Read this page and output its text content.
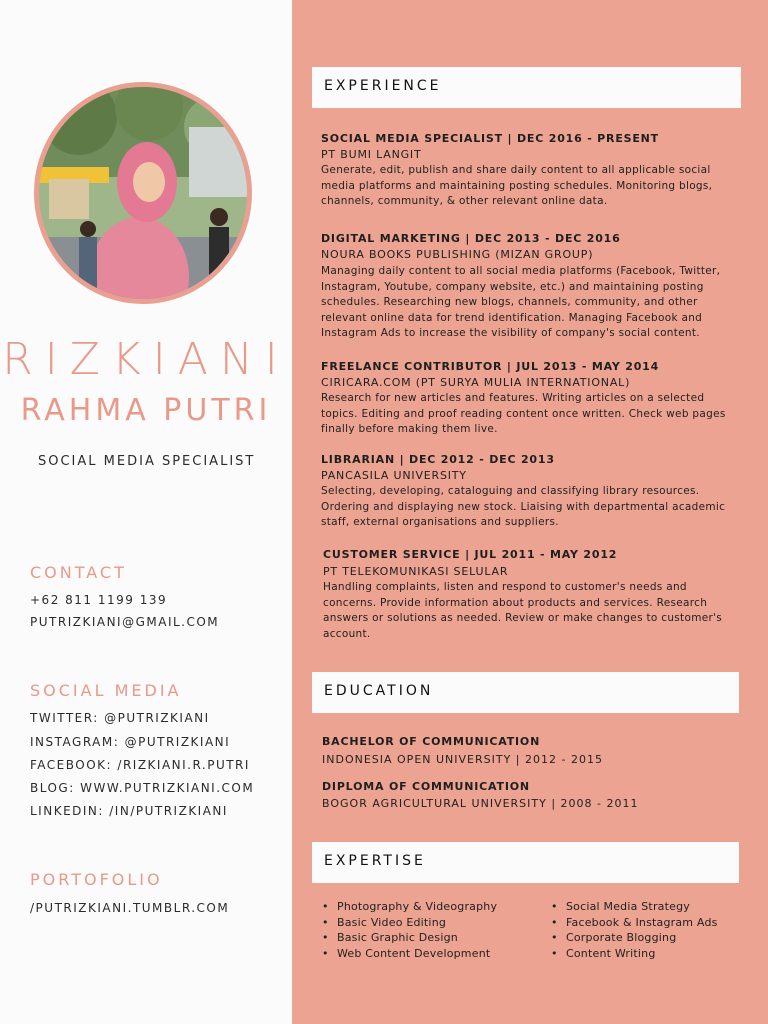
RIZKIANI
RAHMA PUTRI
SOCIAL MEDIA SPECIALIST
CONTACT
+62 811 1199 139
PUTRIZKIANI@GMAIL.COM
SOCIAL MEDIA
TWITTER: @PUTRIZKIANI
INSTAGRAM: @PUTRIZKIANI
FACEBOOK: /RIZKIANI.R.PUTRI
BLOG: WWW.PUTRIZKIANI.COM
LINKEDIN: /IN/PUTRIZKIANI
PORTOFOLIO
/PUTRIZKIANI.TUMBLR.COM
EXPERIENCE
SOCIAL MEDIA SPECIALIST | DEC 2016 - PRESENT
PT BUMI LANGIT
Generate, edit, publish and share daily content to all applicable social
media platforms and maintaining posting schedules. Monitoring blogs,
channels, community, & other relevant online data.
DIGITAL MARKETING | DEC 2013 - DEC 2016
NOURA BOOKS PUBLISHING (MIZAN GROUP)
Managing daily content to all social media platforms (Facebook, Twitter,
Instagram, Youtube, company website, etc.) and maintaining posting
schedules. Researching new blogs, channels, community, and other
relevant online data for trend identification. Managing Facebook and
Instagram Ads to increase the visibility of company's social content.
FREELANCE CONTRIBUTOR | JUL 2013 - MAY 2014
CIRICARA.COM (PT SURYA MULIA INTERNATIONAL)
Research for new articles and features. Writing articles on a selected
topics. Editing and proof reading content once written. Check web pages
finally before making them live.
LIBRARIAN | DEC 2012 - DEC 2013
PANCASILA UNIVERSITY
Selecting, developing, cataloguing and classifying library resources.
Ordering and displaying new stock. Liaising with departmental academic
staff, external organisations and suppliers.
CUSTOMER SERVICE | JUL 2011 - MAY 2012
PT TELEKOMUNIKASI SELULAR
Handling complaints, listen and respond to customer's needs and
concerns. Provide information about products and services. Research
answers or solutions as needed. Review or make changes to customer's
account.
EDUCATION
BACHELOR OF COMMUNICATION
INDONESIA OPEN UNIVERSITY | 2012 - 2015
DIPLOMA OF COMMUNICATION
BOGOR AGRICULTURAL UNIVERSITY | 2008 - 2011
EXPERTISE
• Photography & Videography
• Basic Video Editing
• Basic Graphic Design
• Web Content Development
• Social Media Strategy
• Facebook & Instagram Ads
• Corporate Blogging
• Content Writing
